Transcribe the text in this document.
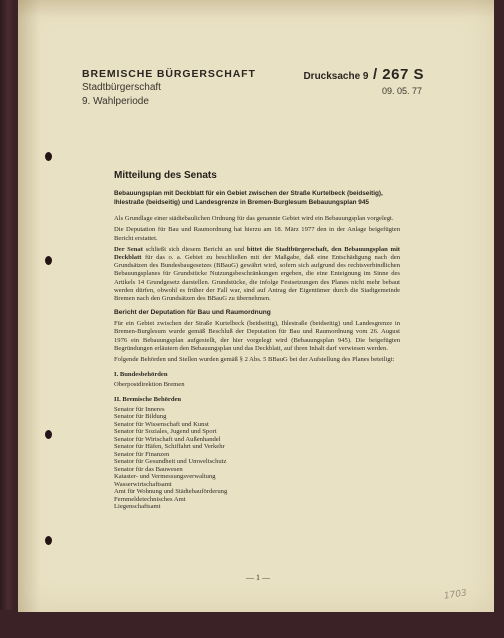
BREMISCHE BÜRGERSCHAFT
Stadtbürgerschaft
9. Wahlperiode
Drucksache 9 / 267 S
09. 05. 77
Mitteilung des Senats
Bebauungsplan mit Deckblatt für ein Gebiet zwischen der Straße Kurtelbeck (beidseitig), Ihlestraße (beidseitig) und Landesgrenze in Bremen-Burglesum Bebauungsplan 945

Als Grundlage einer städtebaulichen Ordnung für das genannte Gebiet wird ein Bebauungsplan vorgelegt.

Die Deputation für Bau und Raumordnung hat hierzu am 18. März 1977 den in der Anlage beigefügten Bericht erstattet.

Der Senat schließt sich diesem Bericht an und bittet die Stadtbürgerschaft, den Bebauungsplan mit Deckblatt für das o. a. Gebiet zu beschließen mit der Maßgabe, daß eine Entschädigung nach den Grundsätzen des Bundesbaugesetzes (BBauG) gewährt wird, sofern sich aufgrund des rechtsverbindlichen Bebauungsplanes für Grundstücke Nutzungsbeschränkungen ergeben, die eine Enteignung im Sinne des Artikels 14 Grundgesetz darstellen. Grundstücke, die infolge Festsetzungen des Planes nicht mehr bebaut werden dürfen, obwohl es früher der Fall war, sind auf Antrag der Eigentümer durch die Stadtgemeinde Bremen nach den Grundsätzen des BBauG zu übernehmen.

Bericht der Deputation für Bau und Raumordnung

Für ein Gebiet zwischen der Straße Kurtelbeck (beidseitig), Ihlestraße (beidseitig) und Landesgrenze in Bremen-Burglesum wurde gemäß Beschluß der Deputation für Bau und Raumordnung vom 26. August 1976 ein Bebauungsplan aufgestellt, der hier vorgelegt wird (Bebauungsplan 945). Die beigefügten Begründungen erläutern den Bebauungsplan und das Deckblatt, auf ihren Inhalt darf verwiesen werden.

Folgende Behörden und Stellen wurden gemäß § 2 Abs. 5 BBauG bei der Aufstellung des Planes beteiligt:

I. Bundesbehörden
Oberpostdirektion Bremen
II. Bremische Behörden
Senator für Inneres
Senator für Bildung
Senator für Wissenschaft und Kunst
Senator für Soziales, Jugend und Sport
Senator für Wirtschaft und Außenhandel
Senator für Häfen, Schiffahrt und Verkehr
Senator für Finanzen
Senator für Gesundheit und Umweltschutz
Senator für das Bauwesen
Kataster- und Vermessungsverwaltung
Wasserwirtschaftsamt
Amt für Wohnung und Städtebauförderung
Fernmeldetechnisches Amt
Liegenschaftsamt
— 1 —
1703
